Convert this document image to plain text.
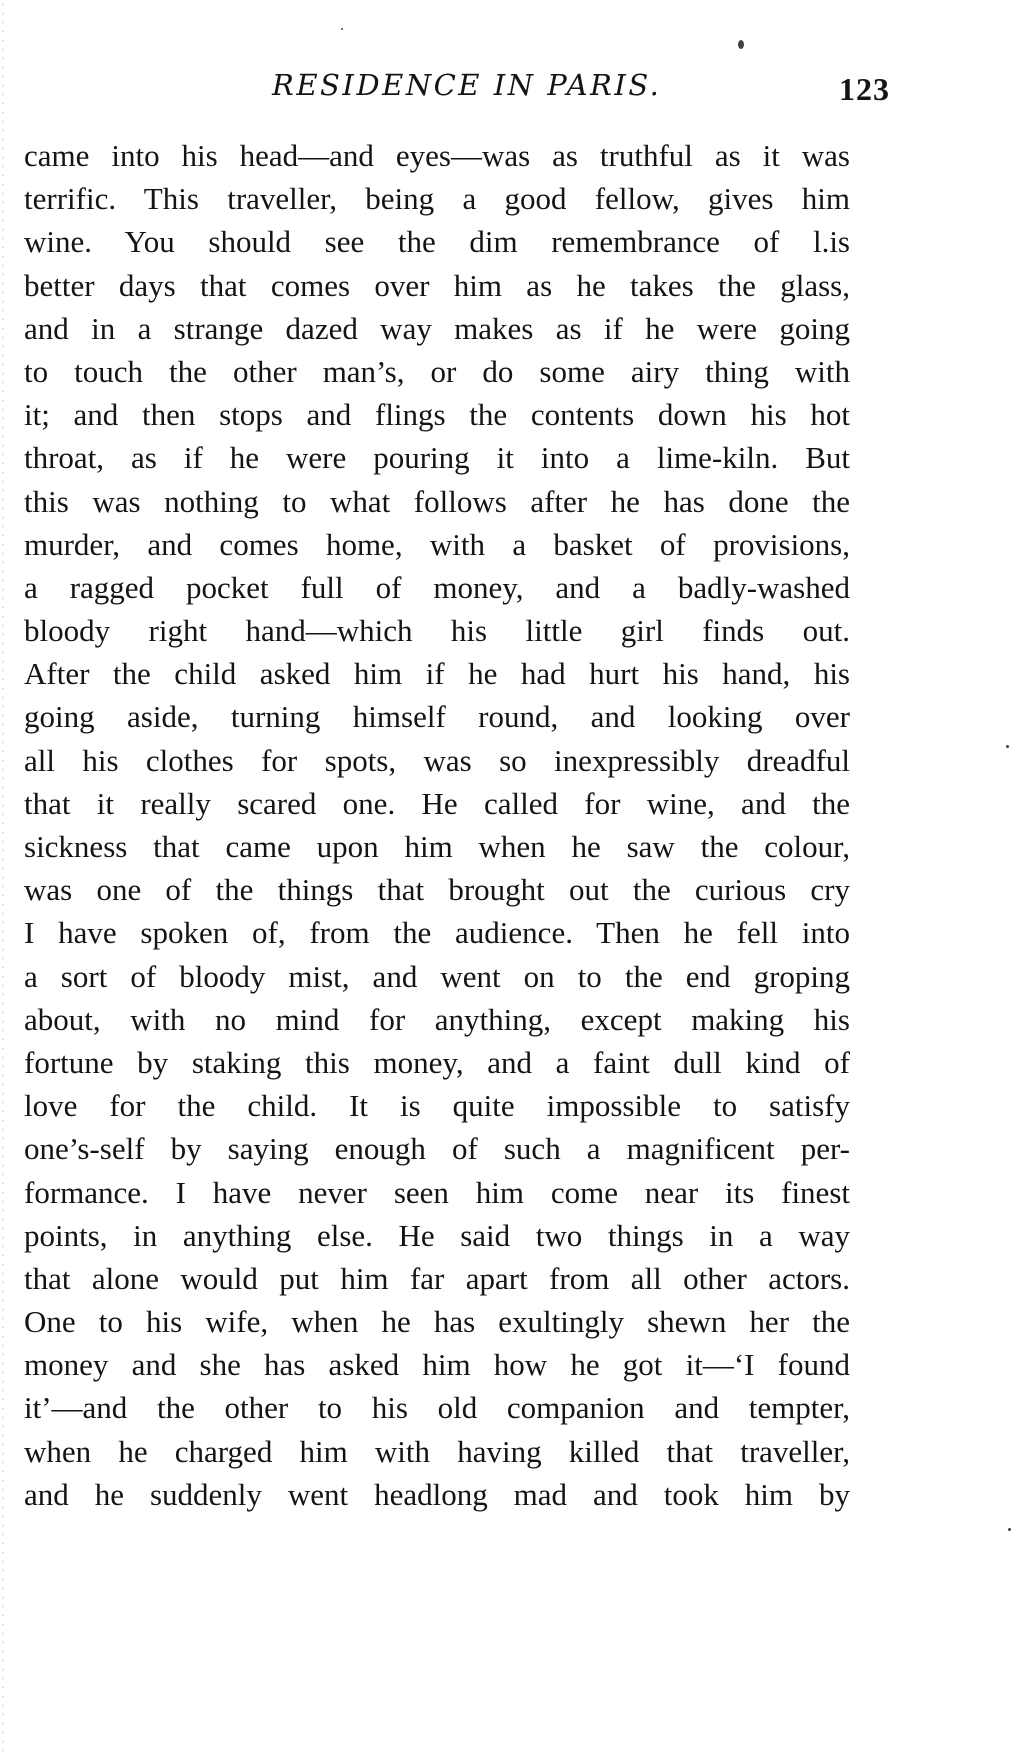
RESIDENCE IN PARIS.	123
came into his head—and eyes—was as truthful as it was
terrific. This traveller, being a good fellow, gives him
wine. You should see the dim remembrance of l.is
better days that comes over him as he takes the glass,
and in a strange dazed way makes as if he were going
to touch the other man’s, or do some airy thing with
it; and then stops and flings the contents down his hot
throat, as if he were pouring it into a lime-kiln. But
this was nothing to what follows after he has done the
murder, and comes home, with a basket of provisions,
a ragged pocket full of money, and a badly-washed
bloody right hand—which his little girl finds out.
After the child asked him if he had hurt his hand, his
going aside, turning himself round, and looking over
all his clothes for spots, was so inexpressibly dreadful
that it really scared one. He called for wine, and the
sickness that came upon him when he saw the colour,
was one of the things that brought out the curious cry
I have spoken of, from the audience. Then he fell into
a sort of bloody mist, and went on to the end groping
about, with no mind for anything, except making his
fortune by staking this money, and a faint dull kind of
love for the child. It is quite impossible to satisfy
one’s-self by saying enough of such a magnificent per-
formance. I have never seen him come near its finest
points, in anything else. He said two things in a way
that alone would put him far apart from all other actors.
One to his wife, when he has exultingly shewn her the
money and she has asked him how he got it—‘I found
it’—and the other to his old companion and tempter,
when he charged him with having killed that traveller,
and he suddenly went headlong mad and took him by
